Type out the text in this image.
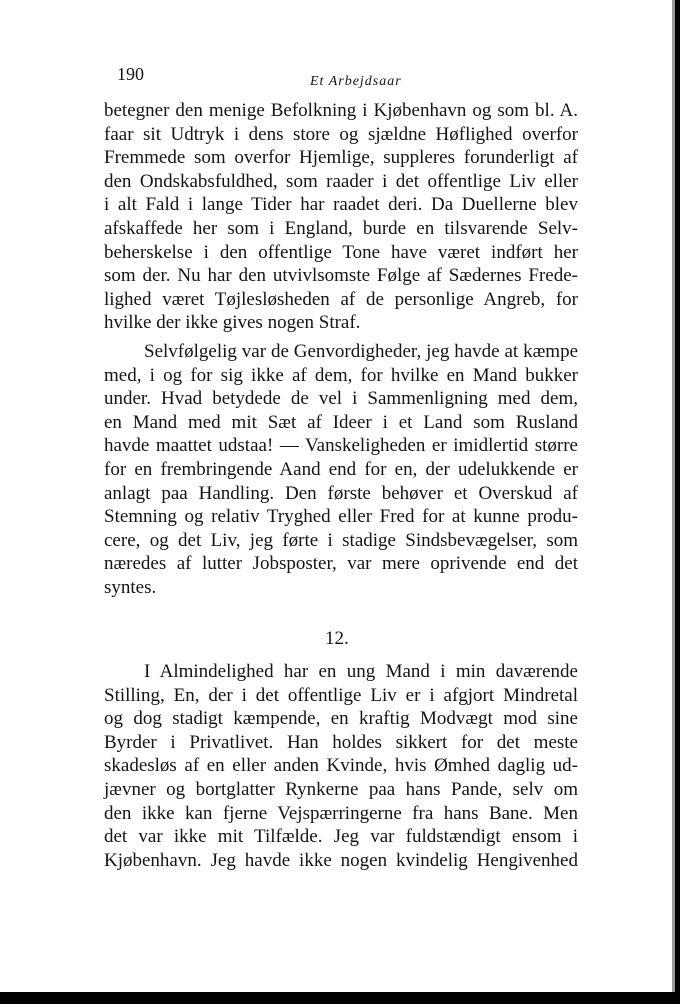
190	Et Arbejdsaar
betegner den menige Befolkning i Kjøbenhavn og som bl. A.
faar sit Udtryk i dens store og sjældne Høflighed overfor
Fremmede som overfor Hjemlige, suppleres forunderligt af
den Ondskabsfuldhed, som raader i det offentlige Liv eller
i alt Fald i lange Tider har raadet deri. Da Duellerne blev
afskaffede her som i England, burde en tilsvarende Selv-
beherskelse i den offentlige Tone have været indført her
som der. Nu har den utvivlsomste Følge af Sædernes Frede-
lighed været Tøjlesløsheden af de personlige Angreb, for
hvilke der ikke gives nogen Straf.
Selvfølgelig var de Genvordigheder, jeg havde at kæmpe
med, i og for sig ikke af dem, for hvilke en Mand bukker
under. Hvad betydede de vel i Sammenligning med dem,
en Mand med mit Sæt af Ideer i et Land som Rusland
havde maattet udstaa! — Vanskeligheden er imidlertid større
for en frembringende Aand end for en, der udelukkende er
anlagt paa Handling. Den første behøver et Overskud af
Stemning og relativ Tryghed eller Fred for at kunne produ-
cere, og det Liv, jeg førte i stadige Sindsbevægelser, som
næredes af lutter Jobsposter, var mere oprivende end det
syntes.
12.
I Almindelighed har en ung Mand i min daværende
Stilling, En, der i det offentlige Liv er i afgjort Mindretal
og dog stadigt kæmpende, en kraftig Modvægt mod sine
Byrder i Privatlivet. Han holdes sikkert for det meste
skadesløs af en eller anden Kvinde, hvis Ømhed daglig ud-
jævner og bortglatter Rynkerne paa hans Pande, selv om
den ikke kan fjerne Vejspærringerne fra hans Bane. Men
det var ikke mit Tilfælde. Jeg var fuldstændigt ensom i
Kjøbenhavn. Jeg havde ikke nogen kvindelig Hengivenhed
